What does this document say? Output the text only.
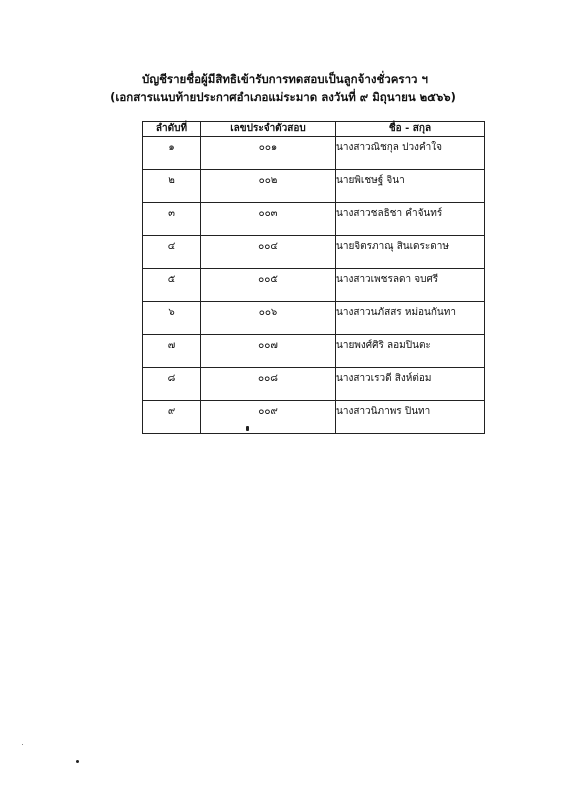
บัญชีรายชื่อผู้มีสิทธิเข้ารับการทดสอบเป็นลูกจ้างชั่วคราว ฯ
(เอกสารแนบท้ายประกาศอำเภอแม่ระมาด ลงวันที่ ๙ มิถุนายน ๒๕๖๖)
ลำดับที่	เลขประจำตัวสอบ	ชื่อ - สกุล
๑	๐๐๑	นางสาวณิชกุล ปวงคำใจ
๒	๐๐๒	นายพิเชษฐ์ จินา
๓	๐๐๓	นางสาวชลธิชา คำจันทร์
๔	๐๐๔	นายจิตรภาณุ สินเดระดาษ
๕	๐๐๕	นางสาวเพชรลดา จบศรี
๖	๐๐๖	นางสาวนภัสสร หม่อนกันทา
๗	๐๐๗	นายพงศ์ศิริ ลอมปินตะ
๘	๐๐๘	นางสาวเรวดี สิงห์ต่อม
๙	๐๐๙	นางสาวนิภาพร ปินทา
